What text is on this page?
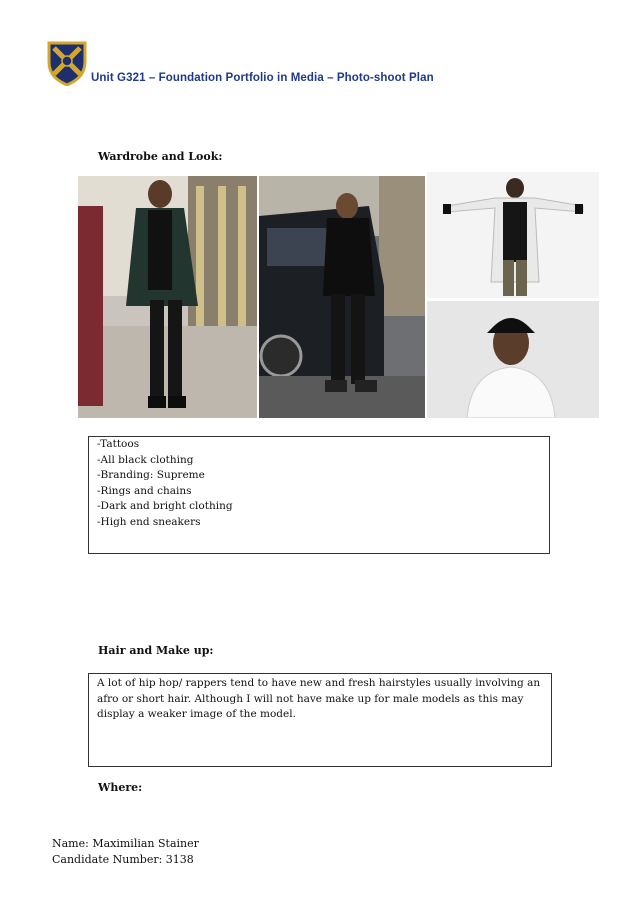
Unit G321 – Foundation Portfolio in Media – Photo-shoot Plan
Wardrobe and Look:
-Tattoos
-All black clothing
-Branding: Supreme
-Rings and chains
-Dark and bright clothing
-High end sneakers
Hair and Make up:
A lot of hip hop/ rappers tend to have new and fresh hairstyles usually involving an afro or short hair. Although I will not have make up for male models as this may display a weaker image of the model.
Where:
Name: Maximilian Stainer
Candidate Number: 3138
